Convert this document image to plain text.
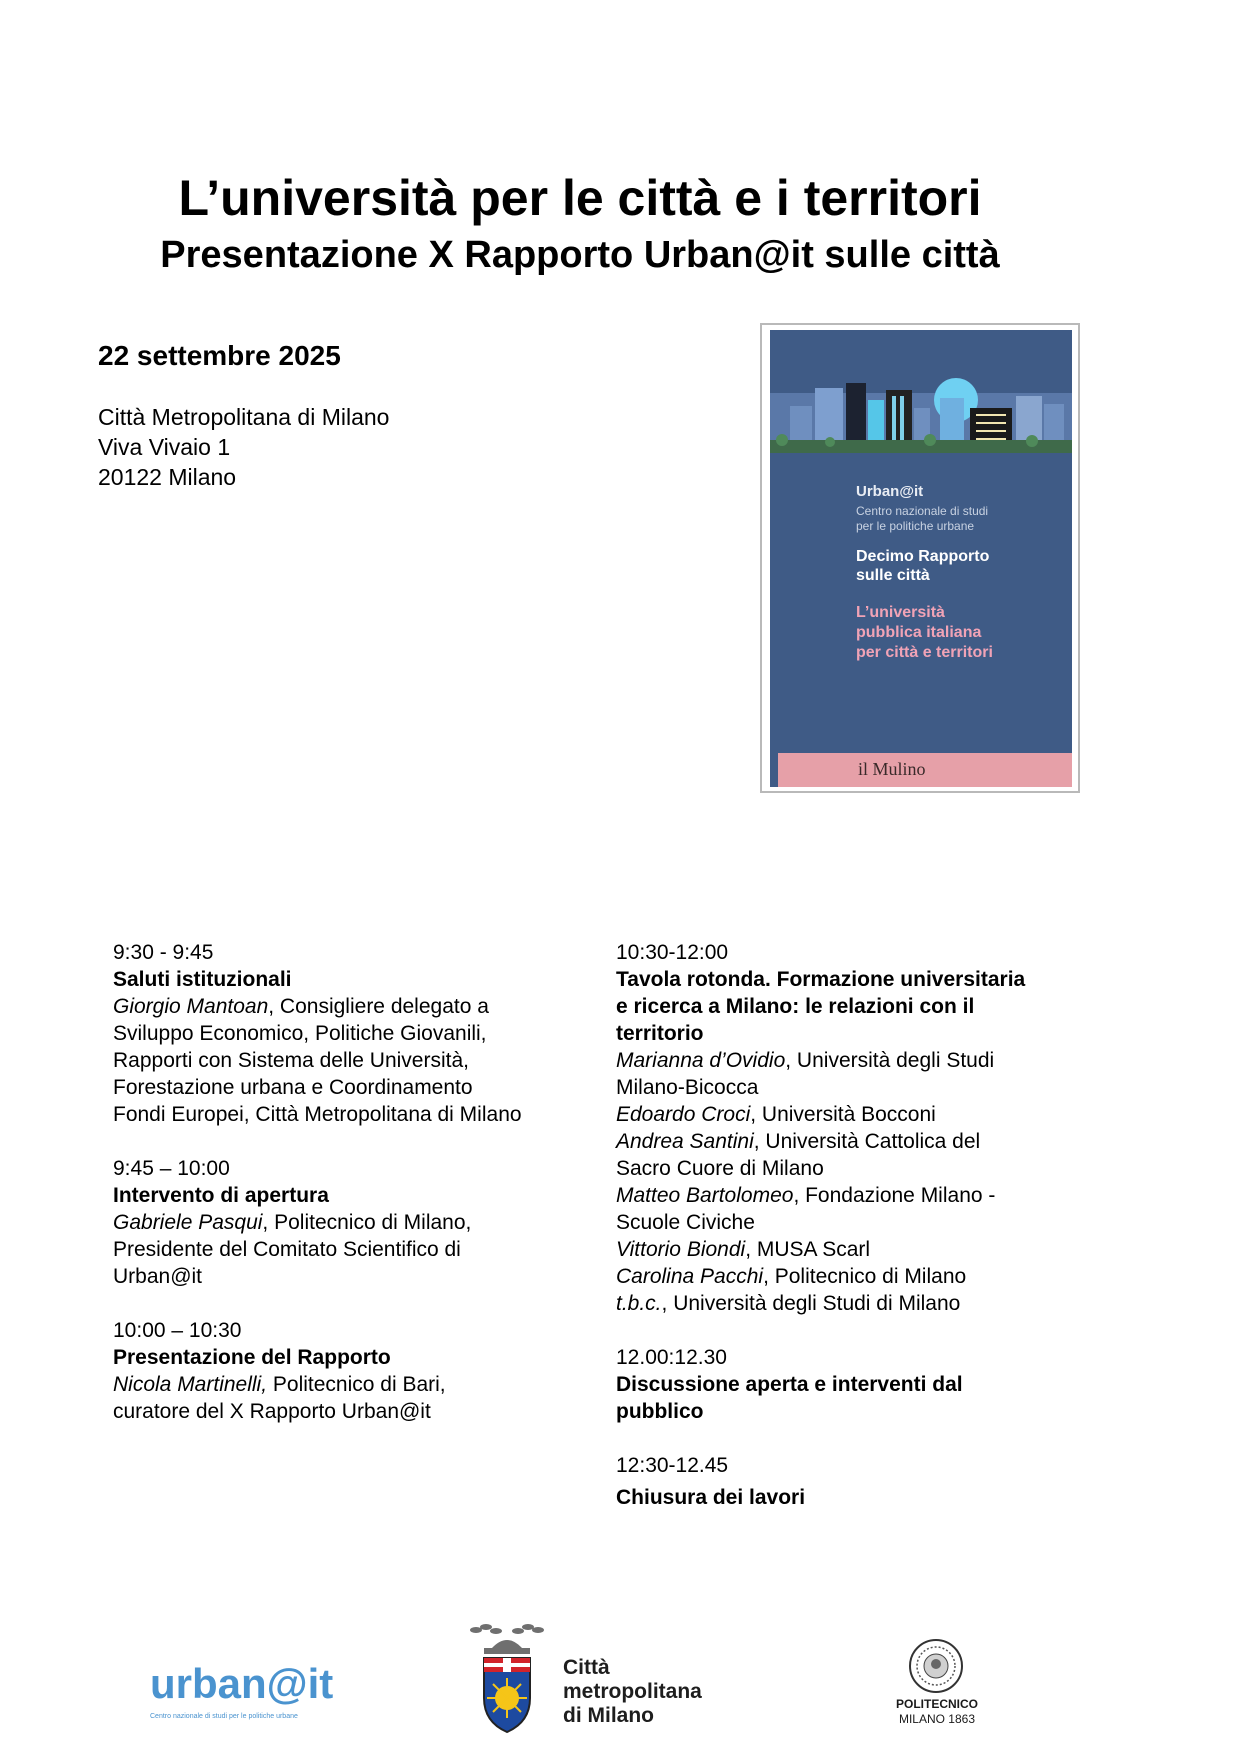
L’università per le città e i territori
Presentazione X Rapporto Urban@it sulle città
22 settembre 2025
Città Metropolitana di Milano
Viva Vivaio 1
20122 Milano
Urban@it
Centro nazionale di studi
per le politiche urbane
Decimo Rapporto
sulle città
L’università
pubblica italiana
per città e territori
il Mulino

9:30 - 9:45

Saluti istituzionali

Giorgio Mantoan, Consigliere delegato a

Sviluppo Economico, Politiche Giovanili,

Rapporti con Sistema delle Università,

Forestazione urbana e Coordinamento

Fondi Europei, Città Metropolitana di Milano

9:45 – 10:00

Intervento di apertura

Gabriele Pasqui, Politecnico di Milano,

Presidente del Comitato Scientifico di

Urban@it

10:00 – 10:30

Presentazione del Rapporto

Nicola Martinelli, Politecnico di Bari,

curatore del X Rapporto Urban@it

10:30-12:00

Tavola rotonda. Formazione universitaria

e ricerca a Milano: le relazioni con il

territorio

Marianna d’Ovidio, Università degli Studi

Milano-Bicocca

Edoardo Croci, Università Bocconi

Andrea Santini, Università Cattolica del

Sacro Cuore di Milano

Matteo Bartolomeo, Fondazione Milano -

Scuole Civiche

Vittorio Biondi, MUSA Scarl

Carolina Pacchi, Politecnico di Milano

t.b.c., Università degli Studi di Milano

12.00:12.30

Discussione aperta e interventi dal

pubblico

12:30-12.45

Chiusura dei lavori

urban@it
Centro nazionale di studi per le politiche urbane
Città
metropolitana
di Milano	POLITECNICO
MILANO 1863
